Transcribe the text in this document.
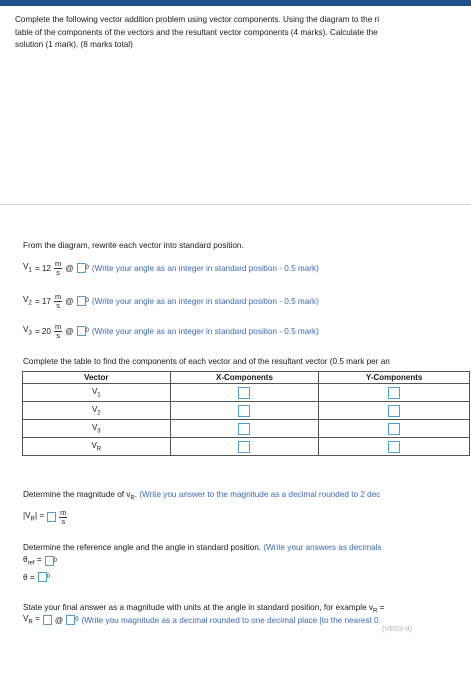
Complete the following vector addition problem using vector components. Using the diagram to the ri
table of the components of the vectors and the resultant vector components (4 marks). Calculate the
solution (1 mark). (8 marks total)
From the diagram, rewrite each vector into standard position.
$V_1 = 12 \frac{m}{s}$ @ 0 (Write your angle as an integer in standard position - 0.5 mark)
$V_2 = 17 \frac{m}{s}$ @ 0 (Write your angle as an integer in standard position - 0.5 mark)
$V_3 = 20 \frac{m}{s}$ @ 0 (Write your angle as an integer in standard position - 0.5 mark)
Complete the table to find the components of each vector and of the resultant vector (0.5 mark per an
Vector	X-Components	Y-Components
$V_1$		
$V_2$		
$V_3$		
$V_R$		
Determine the magnitude of $v_R$. (Write you answer to the magnitude as a decimal rounded to 2 dec
$|V_R| = \frac{m}{s}$
Determine the reference angle and the angle in standard position. (Write your answers as decimals
$\theta_{ref} = 0$
θ = 0
State your final answer as a magnitude with units at the angle in standard position, for example $v_R$ =
$V_R$ = @ 0 (Write you magnitude as a decimal rounded to one decimal place [to the nearest 0.
(VE03-d)
